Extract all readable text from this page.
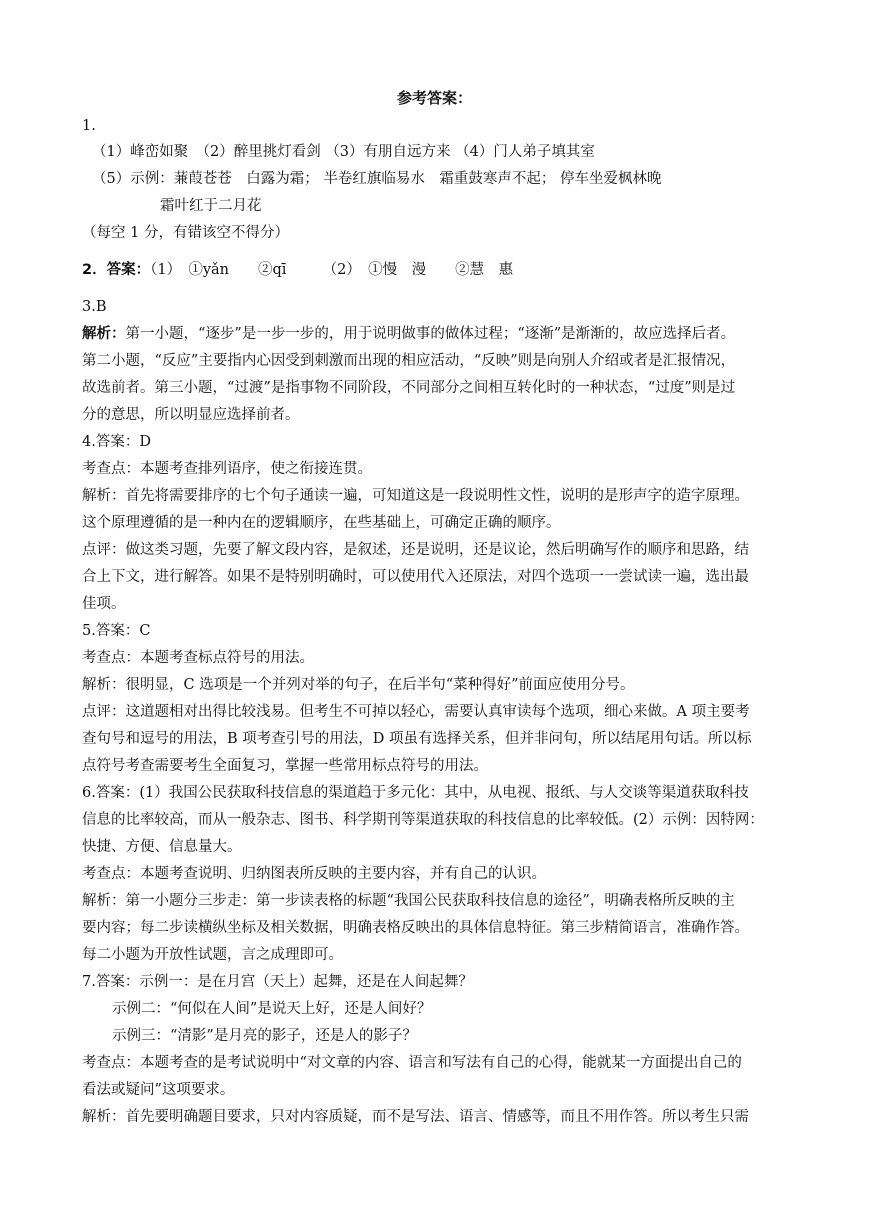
参考答案：
1.
（1）峰峦如聚　（2）醉里挑灯看剑 （3）有朋自远方来 （4）门人弟子填其室
（5）示例：蒹葭苍苍　白露为霜； 半卷红旗临易水　霜重鼓寒声不起； 停车坐爱枫林晚
霜叶红于二月花
（每空 1 分，有错该空不得分）
2．答案：（1）　①yǎn　　②qī　　　（2）　①慢　漫　　②慧　惠
3.B
解析：第一小题，“逐步”是一步一步的，用于说明做事的做体过程；“逐渐”是渐渐的，故应选择后者。
第二小题，“反应”主要指内心因受到刺激而出现的相应活动，“反映”则是向别人介绍或者是汇报情况，
故选前者。第三小题，“过渡”是指事物不同阶段，不同部分之间相互转化时的一种状态，“过度”则是过
分的意思，所以明显应选择前者。
4.答案：D
考查点：本题考查排列语序，使之衔接连贯。
解析：首先将需要排序的七个句子通读一遍，可知道这是一段说明性文性，说明的是形声字的造字原理。
这个原理遵循的是一种内在的逻辑顺序，在些基础上，可确定正确的顺序。
点评：做这类习题，先要了解文段内容，是叙述，还是说明，还是议论，然后明确写作的顺序和思路，结
合上下文，进行解答。如果不是特别明确时，可以使用代入还原法，对四个选项一一尝试读一遍，选出最
佳项。
5.答案：C
考查点：本题考查标点符号的用法。
解析：很明显，C 选项是一个并列对举的句子，在后半句“菜种得好”前面应使用分号。
点评：这道题相对出得比较浅易。但考生不可掉以轻心，需要认真审读每个选项，细心来做。A 项主要考
查句号和逗号的用法，B 项考查引号的用法，D 项虽有选择关系，但并非问句，所以结尾用句话。所以标
点符号考查需要考生全面复习，掌握一些常用标点符号的用法。
6.答案：(1）我国公民获取科技信息的渠道趋于多元化：其中，从电视、报纸、与人交谈等渠道获取科技
信息的比率较高，而从一般杂志、图书、科学期刊等渠道获取的科技信息的比率较低。(2）示例：因特网：
快捷、方便、信息量大。
考查点：本题考查说明、归纳图表所反映的主要内容，并有自己的认识。
解析：第一小题分三步走：第一步读表格的标题“我国公民获取科技信息的途径”，明确表格所反映的主
要内容；每二步读横纵坐标及相关数据，明确表格反映出的具体信息特征。第三步精简语言，准确作答。
每二小题为开放性试题，言之成理即可。
7.答案：示例一：是在月宫（天上）起舞，还是在人间起舞？
示例二：“何似在人间”是说天上好，还是人间好？
示例三：“清影”是月亮的影子，还是人的影子？
考查点：本题考查的是考试说明中“对文章的内容、语言和写法有自己的心得，能就某一方面提出自己的
看法或疑问”这项要求。
解析：首先要明确题目要求，只对内容质疑，而不是写法、语言、情感等，而且不用作答。所以考生只需
